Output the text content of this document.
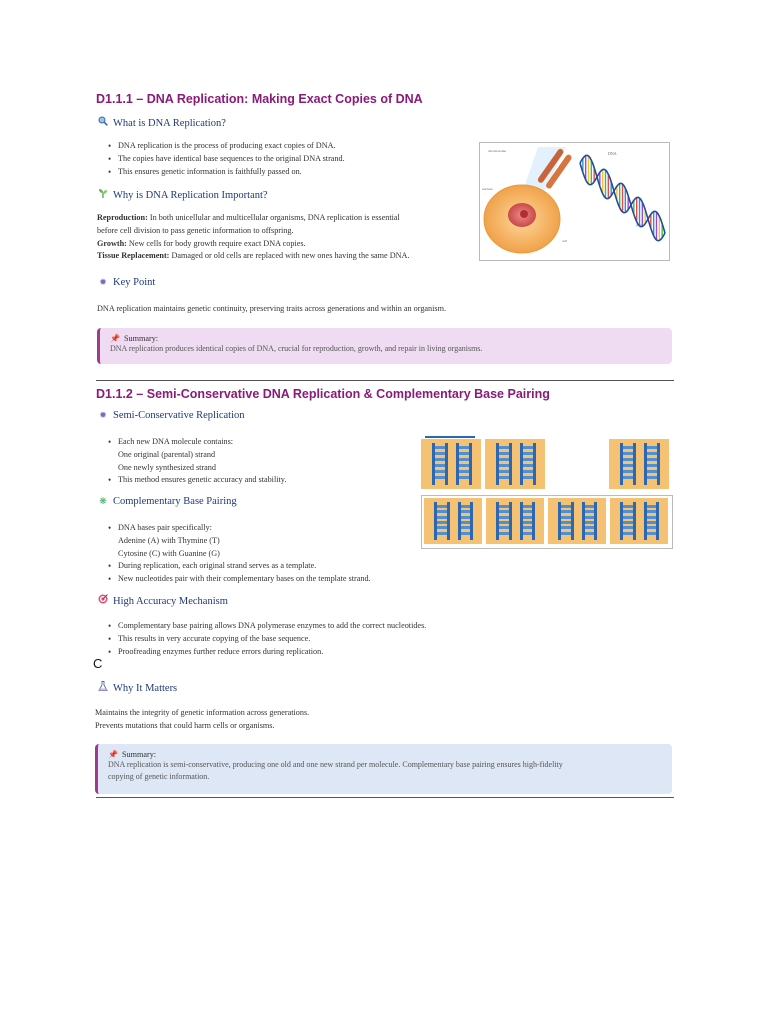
D1.1.1 – DNA Replication: Making Exact Copies of DNA
What is DNA Replication?
• DNA replication is the process of producing exact copies of DNA.
• The copies have identical base sequences to the original DNA strand.
• This ensures genetic information is faithfully passed on.
Why is DNA Replication Important?
Reproduction: In both unicellular and multicellular organisms, DNA replication is essential
before cell division to pass genetic information to offspring.
Growth: New cells for body growth require exact DNA copies.
Tissue Replacement: Damaged or old cells are replaced with new ones having the same DNA.
chromosome	DNA
nucleus
cell
genes
✹ Key Point
DNA replication maintains genetic continuity, preserving traits across generations and within an organism.
📌 Summary:
DNA replication produces identical copies of DNA, crucial for reproduction, growth, and repair in living organisms.
D1.1.2 – Semi-Conservative DNA Replication & Complementary Base Pairing
✹ Semi-Conservative Replication
• Each new DNA molecule contains:
One original (parental) strand
One newly synthesized strand
• This method ensures genetic accuracy and stability.
❋ Complementary Base Pairing
• DNA bases pair specifically:
Adenine (A) with Thymine (T)
Cytosine (C) with Guanine (G)
• During replication, each original strand serves as a template.
• New nucleotides pair with their complementary bases on the template strand.
High Accuracy Mechanism
• Complementary base pairing allows DNA polymerase enzymes to add the correct nucleotides.
• This results in very accurate copying of the base sequence.
• Proofreading enzymes further reduce errors during replication.
C
Why It Matters
Maintains the integrity of genetic information across generations.
Prevents mutations that could harm cells or organisms.
📌 Summary:
DNA replication is semi-conservative, producing one old and one new strand per molecule. Complementary base pairing ensures high-fidelity
copying of genetic information.
